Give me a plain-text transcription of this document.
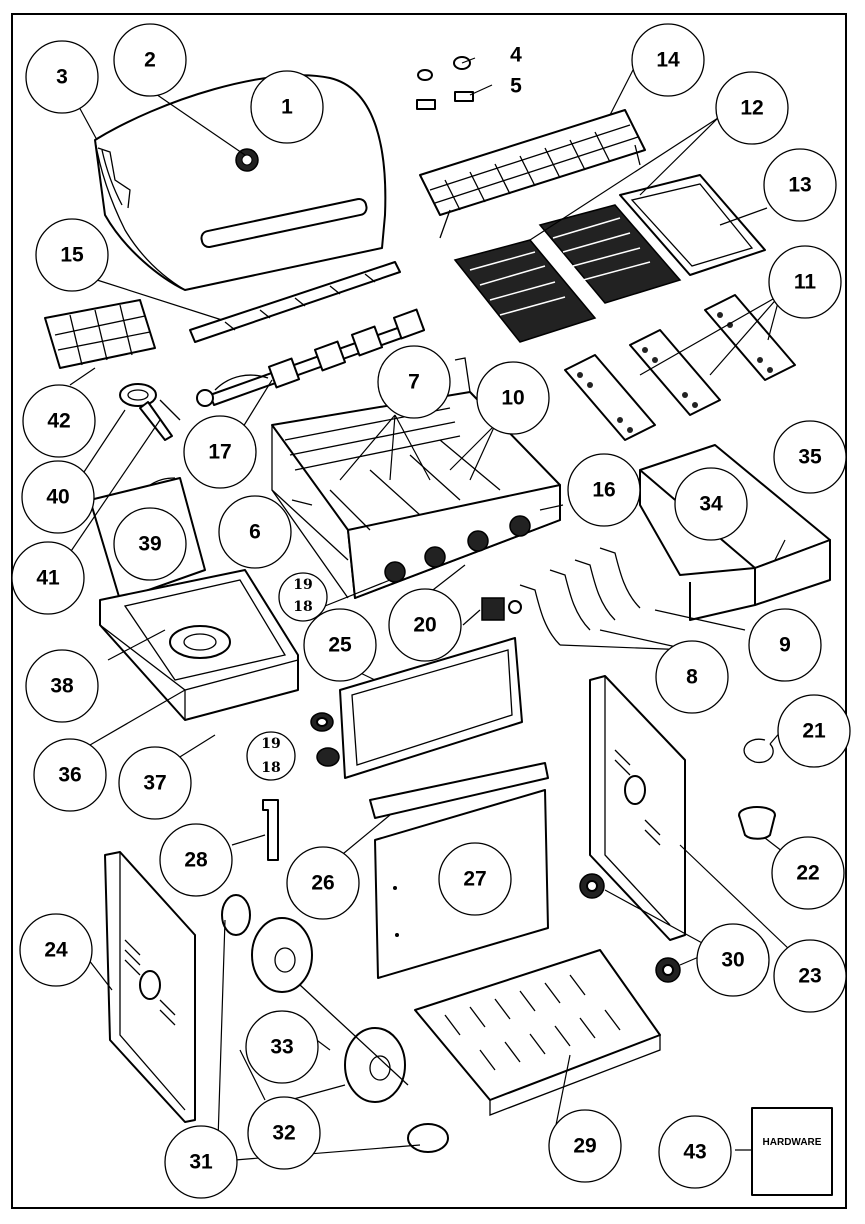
HARDWARE
1
2
3
4
5
14
12
13
11
15
42
17
7
10
40
6
16
35
34
39
41
20
25	9
8
38
21
36	37
22
28
26	27
24	30
23
33
32
29
31	43
19
18
19
18
